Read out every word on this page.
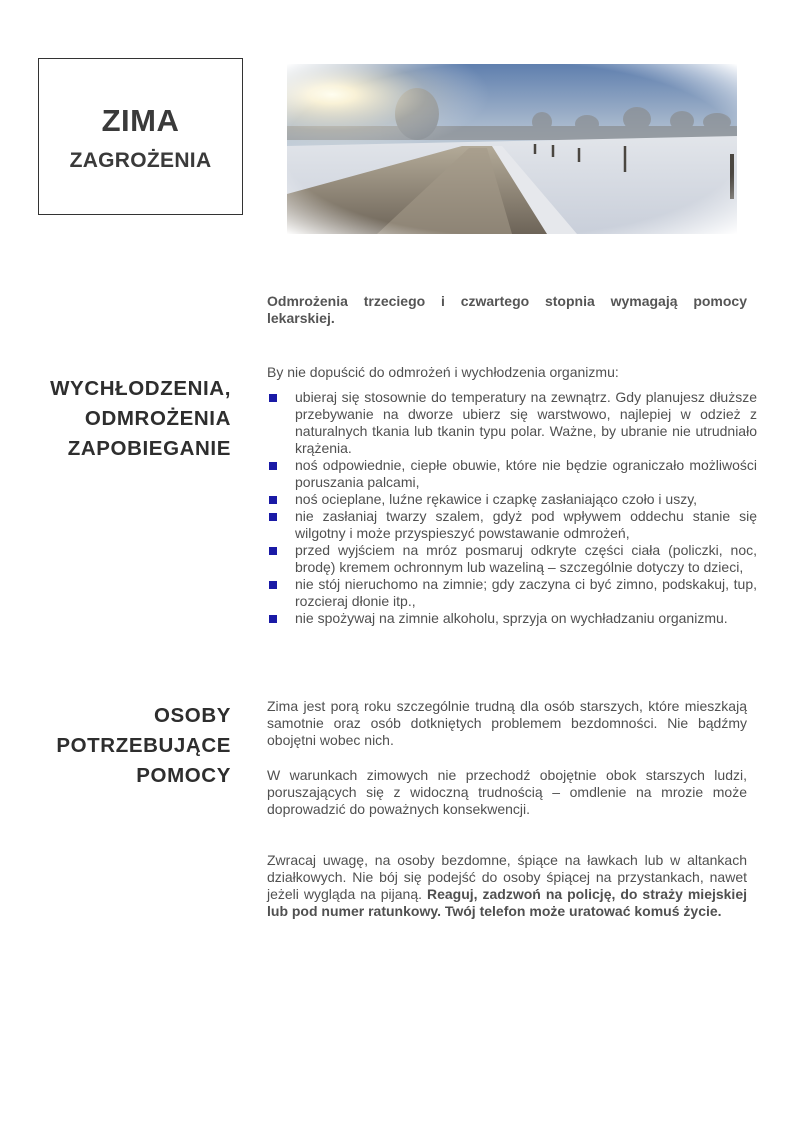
ZIMA
ZAGROŻENIA
Odmrożenia trzeciego i czwartego stopnia wymagają pomocy lekarskiej.
WYCHŁODZENIA,
ODMROŻENIA
ZAPOBIEGANIE
By nie dopuścić do odmrożeń i wychłodzenia organizmu:
ubieraj się stosownie do temperatury na zewnątrz. Gdy planujesz dłuższe przebywanie na dworze ubierz się warstwowo, najlepiej w odzież z naturalnych tkania lub tkanin typu polar. Ważne, by ubranie nie utrudniało krążenia.
noś odpowiednie, ciepłe obuwie, które nie będzie ograniczało możliwości poruszania palcami,
noś ocieplane, luźne rękawice i czapkę zasłaniająco czoło i uszy,
nie zasłaniaj twarzy szalem, gdyż pod wpływem oddechu stanie się wilgotny i może przyspieszyć powstawanie odmrożeń,
przed wyjściem na mróz posmaruj odkryte części ciała (policzki, noc, brodę) kremem ochronnym lub wazeliną – szczególnie dotyczy to dzieci,
nie stój nieruchomo na zimnie; gdy zaczyna ci być zimno, podskakuj, tup, rozcieraj dłonie itp.,
nie spożywaj na zimnie alkoholu, sprzyja on wychładzaniu organizmu.
OSOBY
POTRZEBUJĄCE
POMOCY
Zima jest porą roku szczególnie trudną dla osób starszych, które mieszkają samotnie oraz osób dotkniętych problemem bezdomności. Nie bądźmy obojętni wobec nich.
W warunkach zimowych nie przechodź obojętnie obok starszych ludzi, poruszających się z widoczną trudnością – omdlenie na mrozie może doprowadzić do poważnych konsekwencji.
Zwracaj uwagę, na osoby bezdomne, śpiące na ławkach lub w altankach działkowych. Nie bój się podejść do osoby śpiącej na przystankach, nawet jeżeli wygląda na pijaną. Reaguj, zadzwoń na policję, do straży miejskiej lub pod numer ratunkowy. Twój telefon może uratować komuś życie.
